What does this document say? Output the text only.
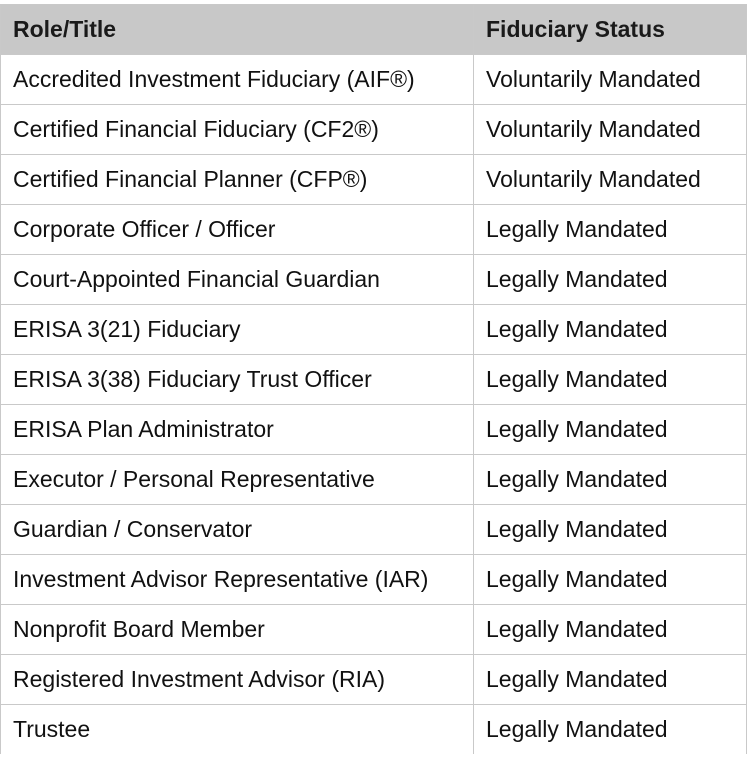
Role/Title	Fiduciary Status
Accredited Investment Fiduciary (AIF®)	Voluntarily Mandated
Certified Financial Fiduciary (CF2®)	Voluntarily Mandated
Certified Financial Planner (CFP®)	Voluntarily Mandated
Corporate Officer / Officer	Legally Mandated
Court-Appointed Financial Guardian	Legally Mandated
ERISA 3(21) Fiduciary	Legally Mandated
ERISA 3(38) Fiduciary Trust Officer	Legally Mandated
ERISA Plan Administrator	Legally Mandated
Executor / Personal Representative	Legally Mandated
Guardian / Conservator	Legally Mandated
Investment Advisor Representative (IAR)	Legally Mandated
Nonprofit Board Member	Legally Mandated
Registered Investment Advisor (RIA)	Legally Mandated
Trustee	Legally Mandated
